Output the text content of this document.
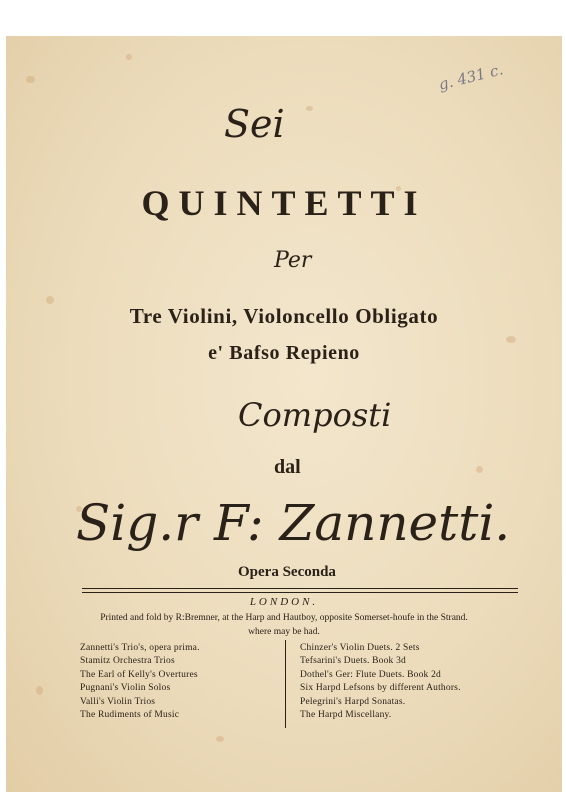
g. 431 c.
Sei
QUINTETTI
Per
Tre Violini, Violoncello Obligato
e' Bafso Repieno
Composti
dal
Sig.r F: Zannetti.
Opera Seconda
LONDON.
Printed and fold by R:Bremner, at the Harp and Hautboy, opposite Somerset-houfe in the Strand.
where may be had.
Zannetti's Trio's, opera prima.
Stamitz Orchestra Trios
The Earl of Kelly's Overtures
Pugnani's Violin Solos
Valli's Violin Trios
The Rudiments of Music
Chinzer's Violin Duets. 2 Sets
Tefsarini's Duets. Book 3d
Dothel's Ger: Flute Duets. Book 2d
Six Harpd Lefsons by different Authors.
Pelegrini's Harpd Sonatas.
The Harpd Miscellany.
